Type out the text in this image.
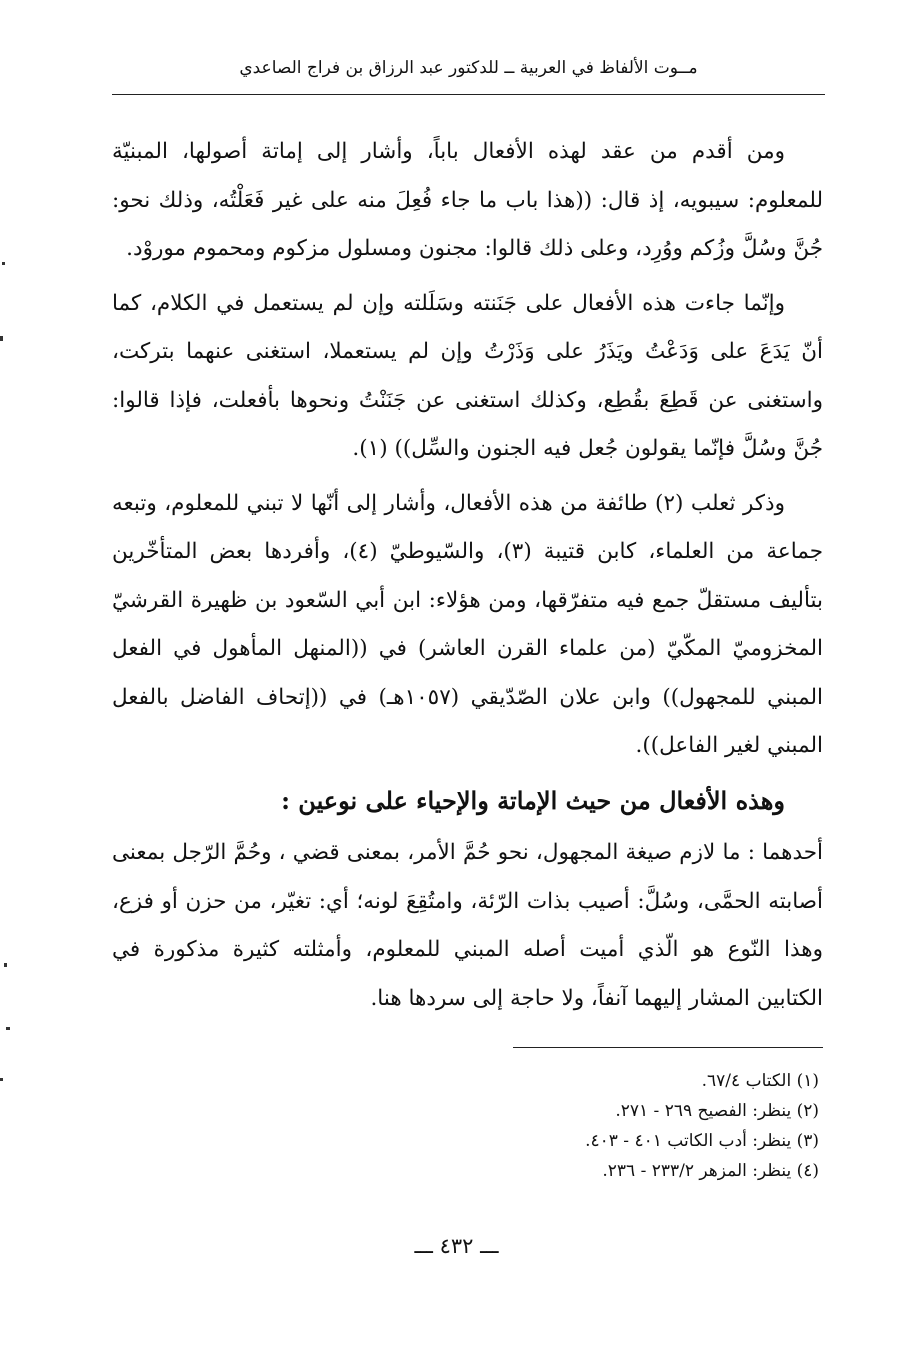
مــوت الألفاظ في العربية ــ للدكتور عبد الرزاق بن فراج الصاعدي

ومن أقدم من عقد لهذه الأفعال باباً، وأشار إلى إماتة أصولها، المبنيّة للمعلوم: سيبويه، إذ قال: ((هذا باب ما جاء فُعِلَ منه على غير فَعَلْتُه، وذلك نحو: جُنَّ وسُلَّ وزُكم ووُرِد، وعلى ذلك قالوا: مجنون ومسلول مزكوم ومحموم موروْد.

وإنّما جاءت هذه الأفعال على جَنَنته وسَلَلته وإن لم يستعمل في الكلام، كما أنّ يَدَعَ على وَدَعْتُ ويَذَرُ على وَذَرْتُ وإن لم يستعملا، استغنى عنهما بتركت، واستغنى عن قَطِعَ بقُطِع، وكذلك استغنى عن جَنَنْتُ ونحوها بأفعلت، فإذا قالوا: جُنَّ وسُلَّ فإنّما يقولون جُعل فيه الجنون والسِّل)) (١).

وذكر ثعلب (٢) طائفة من هذه الأفعال، وأشار إلى أنّها لا تبني للمعلوم، وتبعه جماعة من العلماء، كابن قتيبة (٣)، والسّيوطيّ (٤)، وأفردها بعض المتأخّرين بتأليف مستقلّ جمع فيه متفرّقها، ومن هؤلاء: ابن أبي السّعود بن ظهيرة القرشيّ المخزوميّ المكّيّ (من علماء القرن العاشر) في ((المنهل المأهول في الفعل المبني للمجهول)) وابن علان الصّدّيقي (١٠٥٧هـ) في ((إتحاف الفاضل بالفعل المبني لغير الفاعل)).

وهذه الأفعال من حيث الإماتة والإحياء على نوعين :

أحدهما : ما لازم صيغة المجهول، نحو حُمَّ الأمر، بمعنى قضي ، وحُمَّ الرّجل بمعنى أصابته الحمَّى، وسُلَّ: أصيب بذات الرّئة، وامتُقِعَ لونه؛ أي: تغيّر، من حزن أو فزع، وهذا النّوع هو الّذي أميت أصله المبني للمعلوم، وأمثلته كثيرة مذكورة في الكتابين المشار إليهما آنفاً، ولا حاجة إلى سردها هنا.

(١) الكتاب ٦٧/٤.

(٢) ينظر: الفصيح ٢٦٩ - ٢٧١.

(٣) ينظر: أدب الكاتب ٤٠١ - ٤٠٣.

(٤) ينظر: المزهر ٢٣٣/٢ - ٢٣٦.

ـــ ٤٣٢ ـــ
